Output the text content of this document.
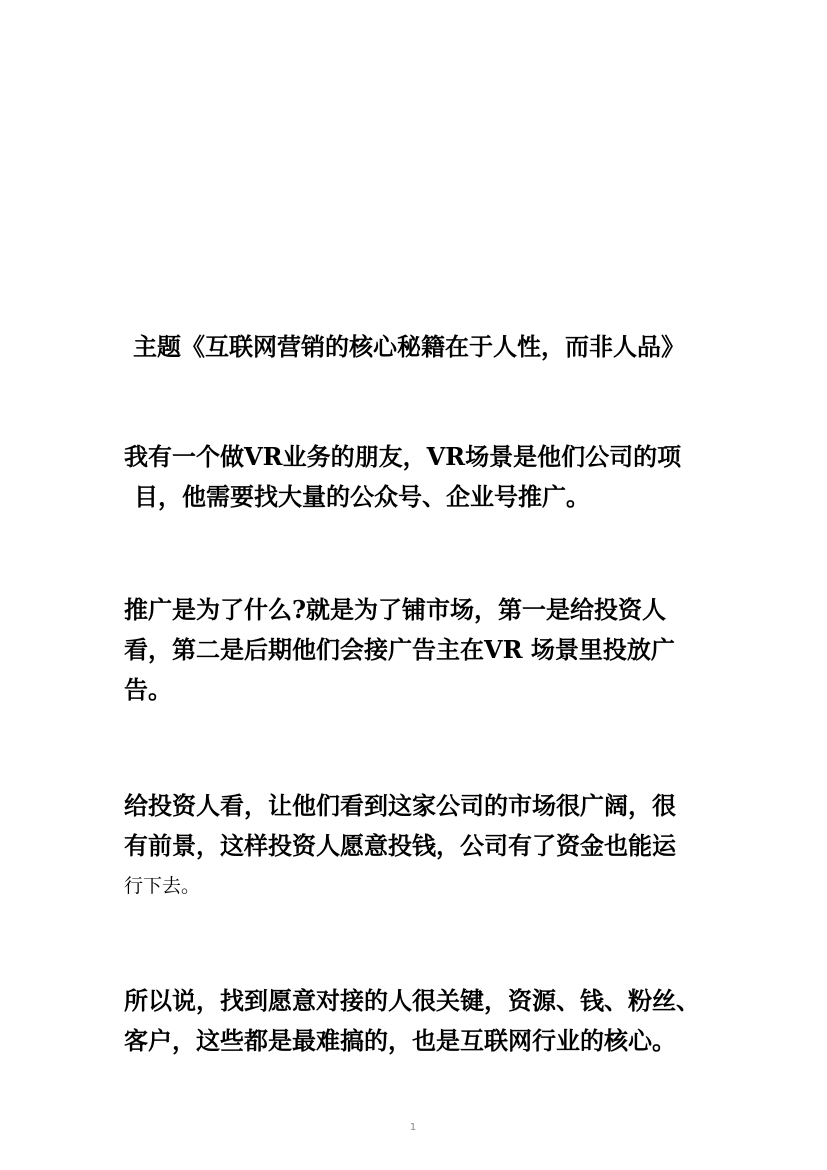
主题《互联网营销的核心秘籍在于人性，而非人品》
我有一个做VR业务的朋友，VR场景是他们公司的项
目，他需要找大量的公众号、企业号推广。
推广是为了什么?就是为了铺市场，第一是给投资人
看，第二是后期他们会接广告主在VR 场景里投放广
告。
给投资人看，让他们看到这家公司的市场很广阔，很
有前景，这样投资人愿意投钱，公司有了资金也能运
行下去。
所以说，找到愿意对接的人很关键，资源、钱、粉丝、
客户，这些都是最难搞的，也是互联网行业的核心。
1
